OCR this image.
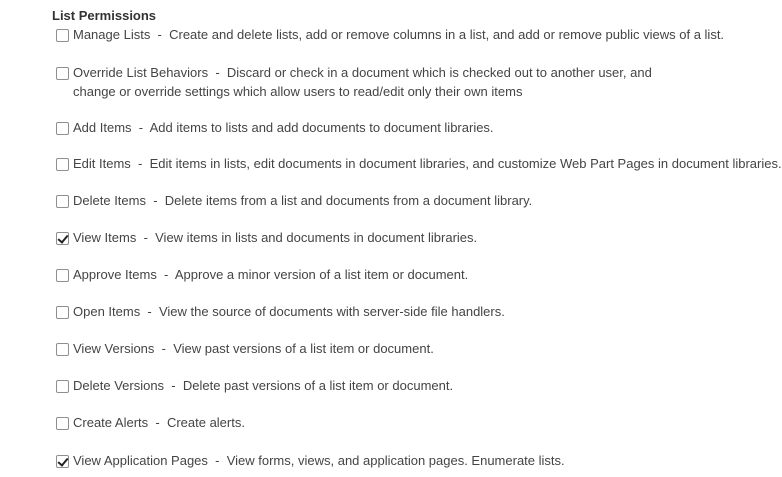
List Permissions
Manage Lists  -  Create and delete lists, add or remove columns in a list, and add or remove public views of a list.
Override List Behaviors  -  Discard or check in a document which is checked out to another user, and change or override settings which allow users to read/edit only their own items
Add Items  -  Add items to lists and add documents to document libraries.
Edit Items  -  Edit items in lists, edit documents in document libraries, and customize Web Part Pages in document libraries.
Delete Items  -  Delete items from a list and documents from a document library.
View Items  -  View items in lists and documents in document libraries.
Approve Items  -  Approve a minor version of a list item or document.
Open Items  -  View the source of documents with server-side file handlers.
View Versions  -  View past versions of a list item or document.
Delete Versions  -  Delete past versions of a list item or document.
Create Alerts  -  Create alerts.
View Application Pages  -  View forms, views, and application pages. Enumerate lists.
